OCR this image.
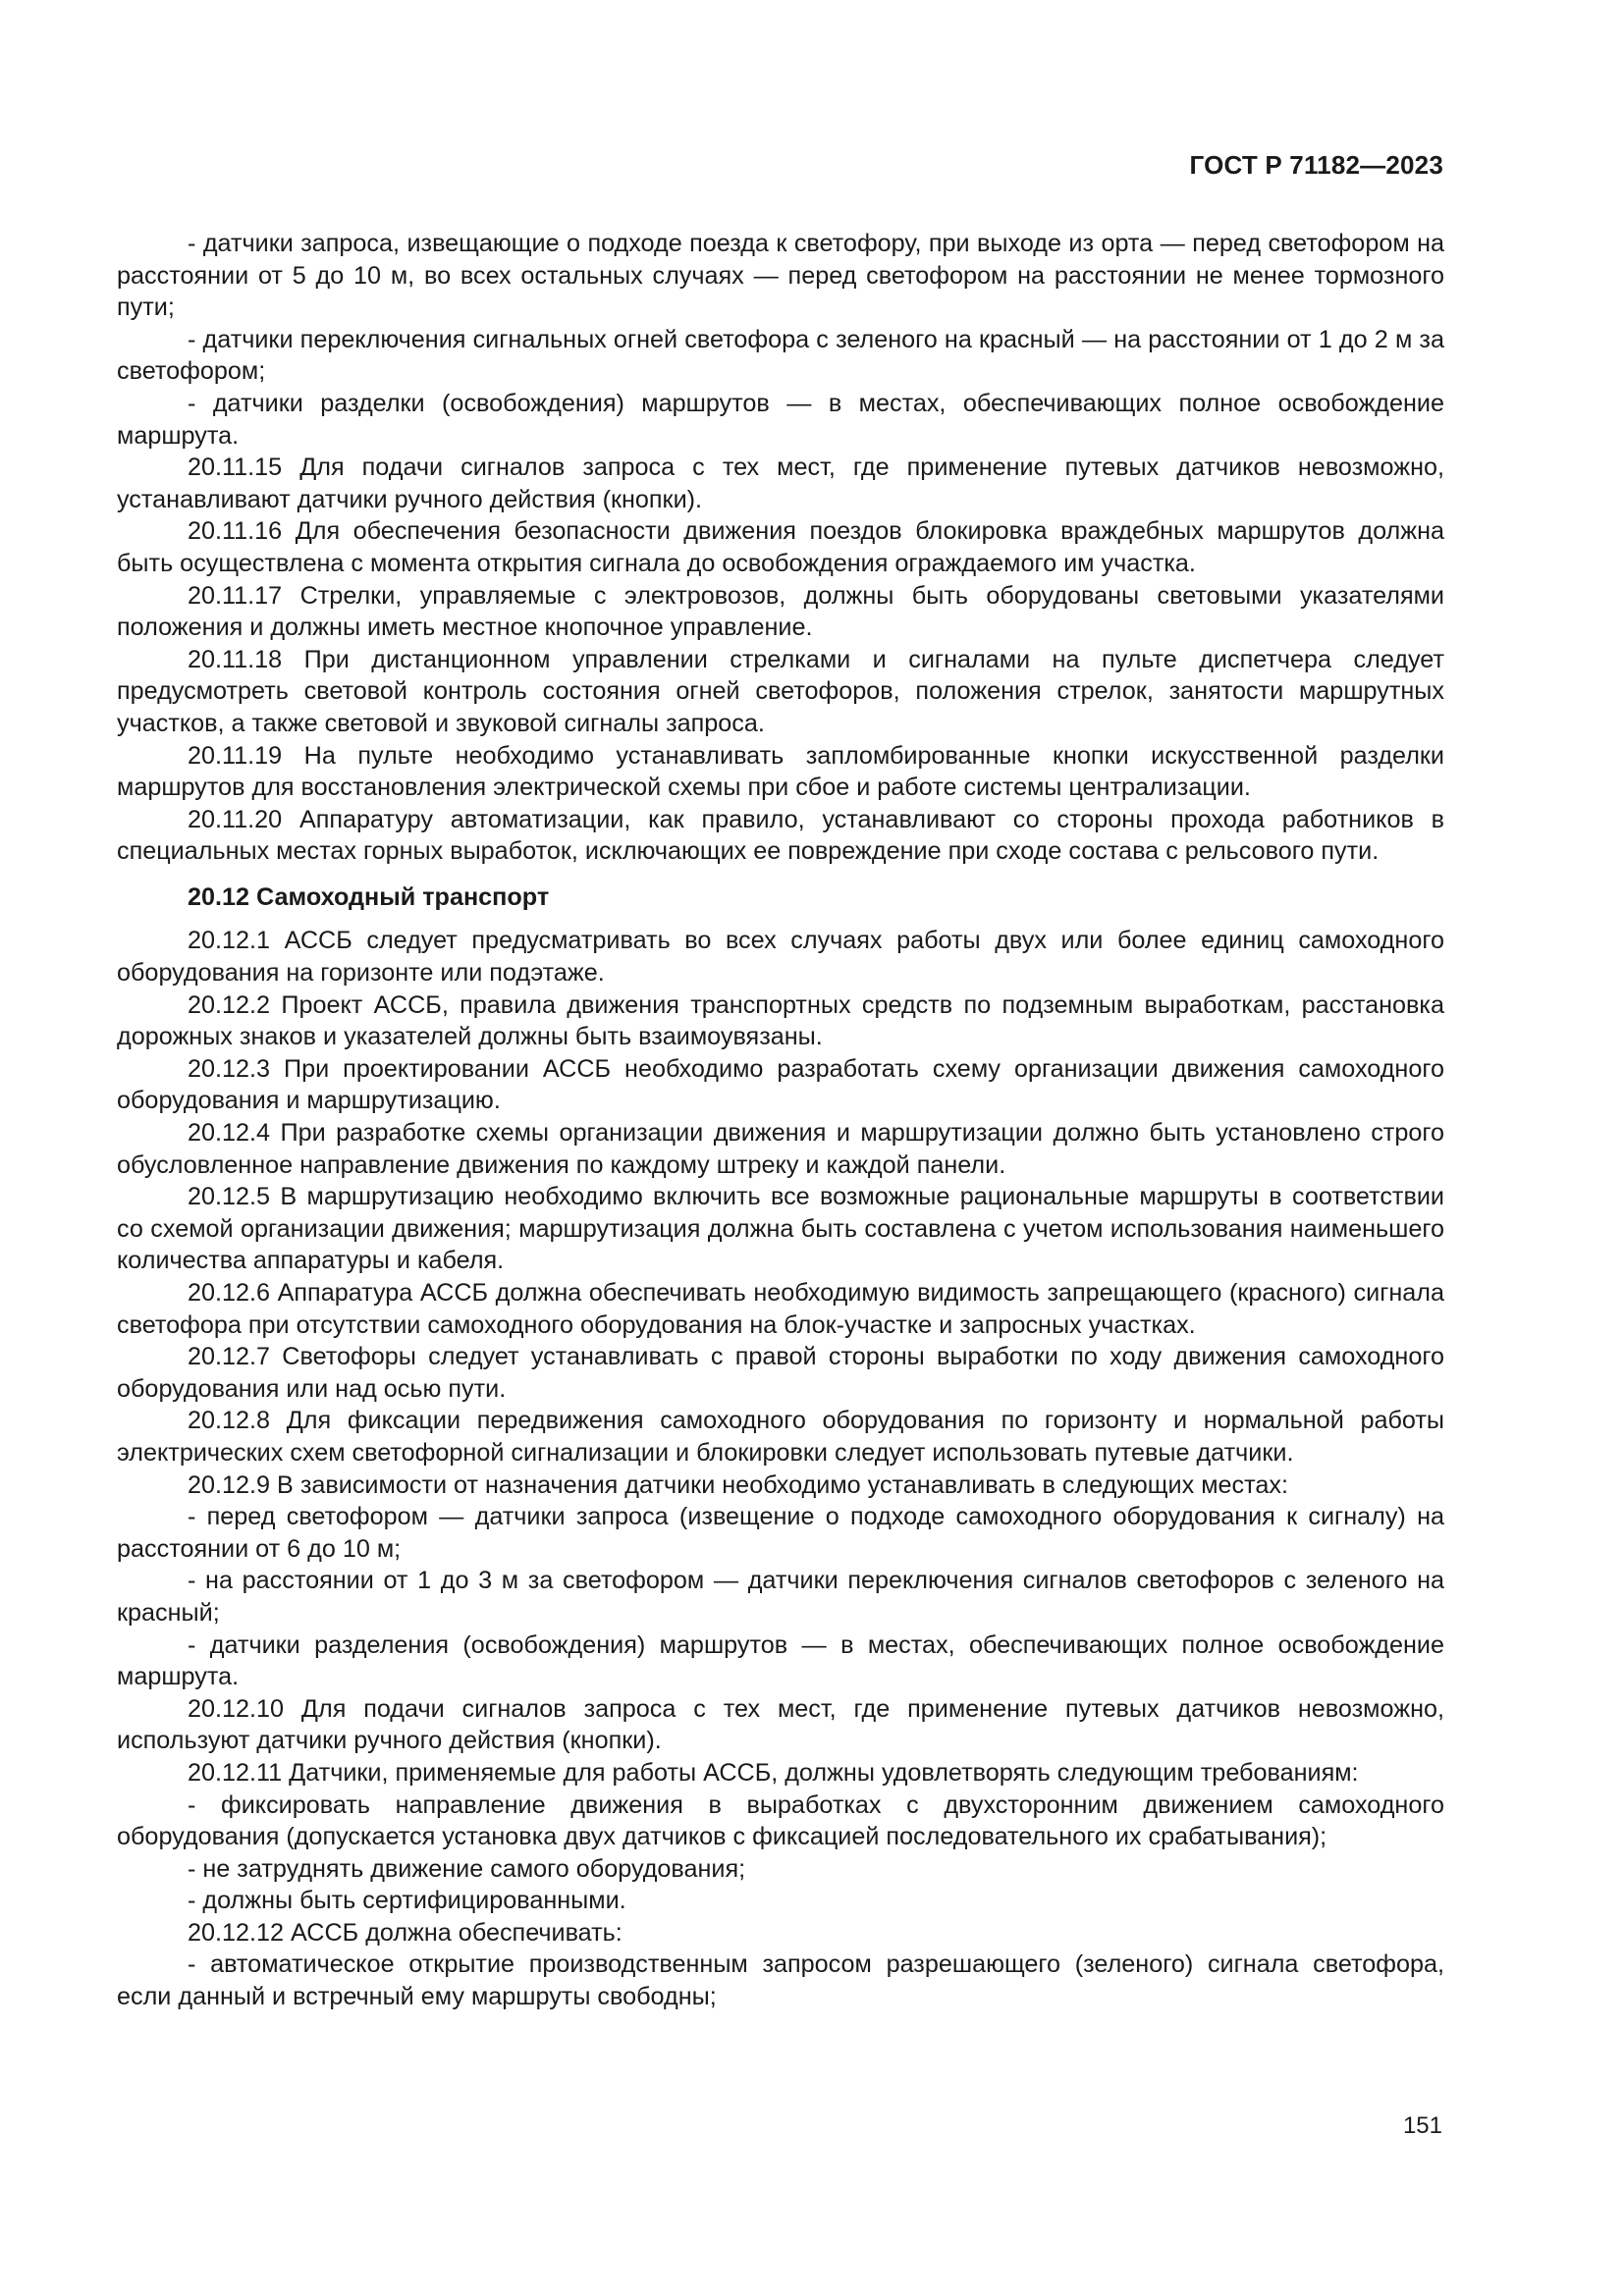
ГОСТ Р 71182—2023

- датчики запроса, извещающие о подходе поезда к светофору, при выходе из орта — перед светофором на расстоянии от 5 до 10 м, во всех остальных случаях — перед светофором на расстоянии не менее тормозного пути;

- датчики переключения сигнальных огней светофора с зеленого на красный — на расстоянии от 1 до 2 м за светофором;

- датчики разделки (освобождения) маршрутов — в местах, обеспечивающих полное освобождение маршрута.

20.11.15 Для подачи сигналов запроса с тех мест, где применение путевых датчиков невозможно, устанавливают датчики ручного действия (кнопки).

20.11.16 Для обеспечения безопасности движения поездов блокировка враждебных маршрутов должна быть осуществлена с момента открытия сигнала до освобождения ограждаемого им участка.

20.11.17 Стрелки, управляемые с электровозов, должны быть оборудованы световыми указателями положения и должны иметь местное кнопочное управление.

20.11.18 При дистанционном управлении стрелками и сигналами на пульте диспетчера следует предусмотреть световой контроль состояния огней светофоров, положения стрелок, занятости маршрутных участков, а также световой и звуковой сигналы запроса.

20.11.19 На пульте необходимо устанавливать запломбированные кнопки искусственной разделки маршрутов для восстановления электрической схемы при сбое и работе системы централизации.

20.11.20 Аппаратуру автоматизации, как правило, устанавливают со стороны прохода работников в специальных местах горных выработок, исключающих ее повреждение при сходе состава с рельсового пути.

20.12 Самоходный транспорт

20.12.1 АССБ следует предусматривать во всех случаях работы двух или более единиц самоходного оборудования на горизонте или подэтаже.

20.12.2 Проект АССБ, правила движения транспортных средств по подземным выработкам, расстановка дорожных знаков и указателей должны быть взаимоувязаны.

20.12.3 При проектировании АССБ необходимо разработать схему организации движения самоходного оборудования и маршрутизацию.

20.12.4 При разработке схемы организации движения и маршрутизации должно быть установлено строго обусловленное направление движения по каждому штреку и каждой панели.

20.12.5 В маршрутизацию необходимо включить все возможные рациональные маршруты в соответствии со схемой организации движения; маршрутизация должна быть составлена с учетом использования наименьшего количества аппаратуры и кабеля.

20.12.6 Аппаратура АССБ должна обеспечивать необходимую видимость запрещающего (красного) сигнала светофора при отсутствии самоходного оборудования на блок-участке и запросных участках.

20.12.7 Светофоры следует устанавливать с правой стороны выработки по ходу движения самоходного оборудования или над осью пути.

20.12.8 Для фиксации передвижения самоходного оборудования по горизонту и нормальной работы электрических схем светофорной сигнализации и блокировки следует использовать путевые датчики.

20.12.9 В зависимости от назначения датчики необходимо устанавливать в следующих местах:

- перед светофором — датчики запроса (извещение о подходе самоходного оборудования к сигналу) на расстоянии от 6 до 10 м;

- на расстоянии от 1 до 3 м за светофором — датчики переключения сигналов светофоров с зеленого на красный;

- датчики разделения (освобождения) маршрутов — в местах, обеспечивающих полное освобождение маршрута.

20.12.10 Для подачи сигналов запроса с тех мест, где применение путевых датчиков невозможно, используют датчики ручного действия (кнопки).

20.12.11 Датчики, применяемые для работы АССБ, должны удовлетворять следующим требованиям:

- фиксировать направление движения в выработках с двухсторонним движением самоходного оборудования (допускается установка двух датчиков с фиксацией последовательного их срабатывания);

- не затруднять движение самого оборудования;

- должны быть сертифицированными.

20.12.12 АССБ должна обеспечивать:

- автоматическое открытие производственным запросом разрешающего (зеленого) сигнала светофора, если данный и встречный ему маршруты свободны;

151
